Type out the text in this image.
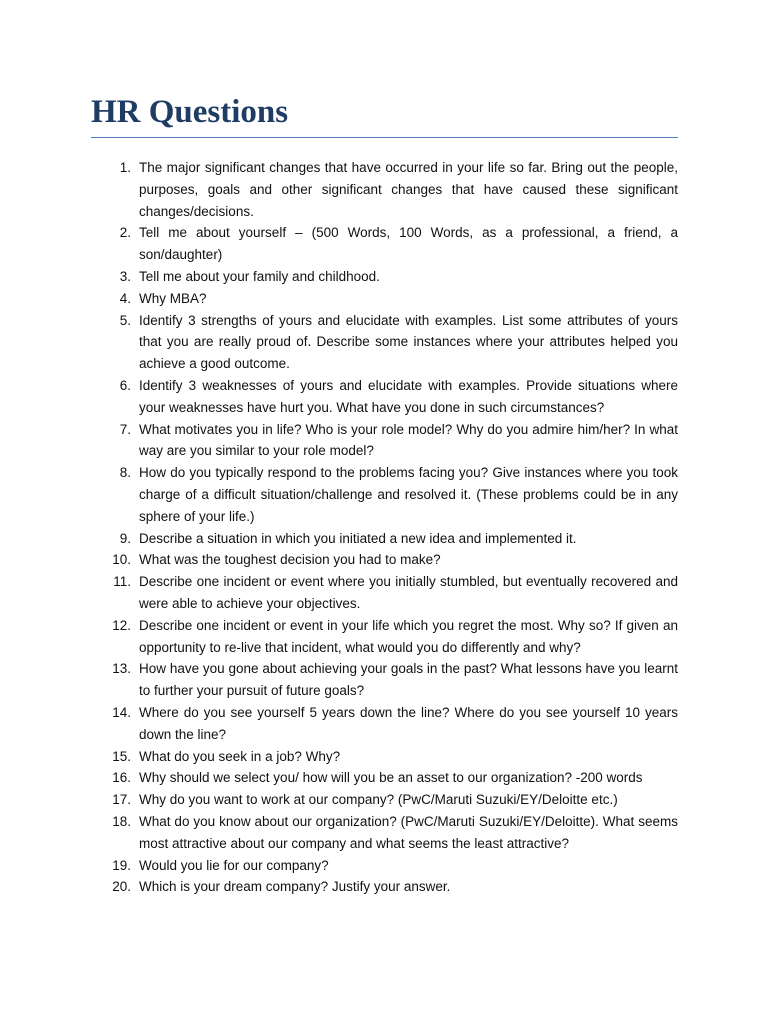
HR Questions
1. The major significant changes that have occurred in your life so far. Bring out the people, purposes, goals and other significant changes that have caused these significant changes/decisions.
2. Tell me about yourself – (500 Words, 100 Words, as a professional, a friend, a son/daughter)
3. Tell me about your family and childhood.
4. Why MBA?
5. Identify 3 strengths of yours and elucidate with examples. List some attributes of yours that you are really proud of. Describe some instances where your attributes helped you achieve a good outcome.
6. Identify 3 weaknesses of yours and elucidate with examples. Provide situations where your weaknesses have hurt you. What have you done in such circumstances?
7. What motivates you in life? Who is your role model? Why do you admire him/her? In what way are you similar to your role model?
8. How do you typically respond to the problems facing you? Give instances where you took charge of a difficult situation/challenge and resolved it. (These problems could be in any sphere of your life.)
9. Describe a situation in which you initiated a new idea and implemented it.
10. What was the toughest decision you had to make?
11. Describe one incident or event where you initially stumbled, but eventually recovered and were able to achieve your objectives.
12. Describe one incident or event in your life which you regret the most. Why so? If given an opportunity to re-live that incident, what would you do differently and why?
13. How have you gone about achieving your goals in the past? What lessons have you learnt to further your pursuit of future goals?
14. Where do you see yourself 5 years down the line? Where do you see yourself 10 years down the line?
15. What do you seek in a job? Why?
16. Why should we select you/ how will you be an asset to our organization? -200 words
17. Why do you want to work at our company? (PwC/Maruti Suzuki/EY/Deloitte etc.)
18. What do you know about our organization? (PwC/Maruti Suzuki/EY/Deloitte). What seems most attractive about our company and what seems the least attractive?
19. Would you lie for our company?
20. Which is your dream company? Justify your answer.
